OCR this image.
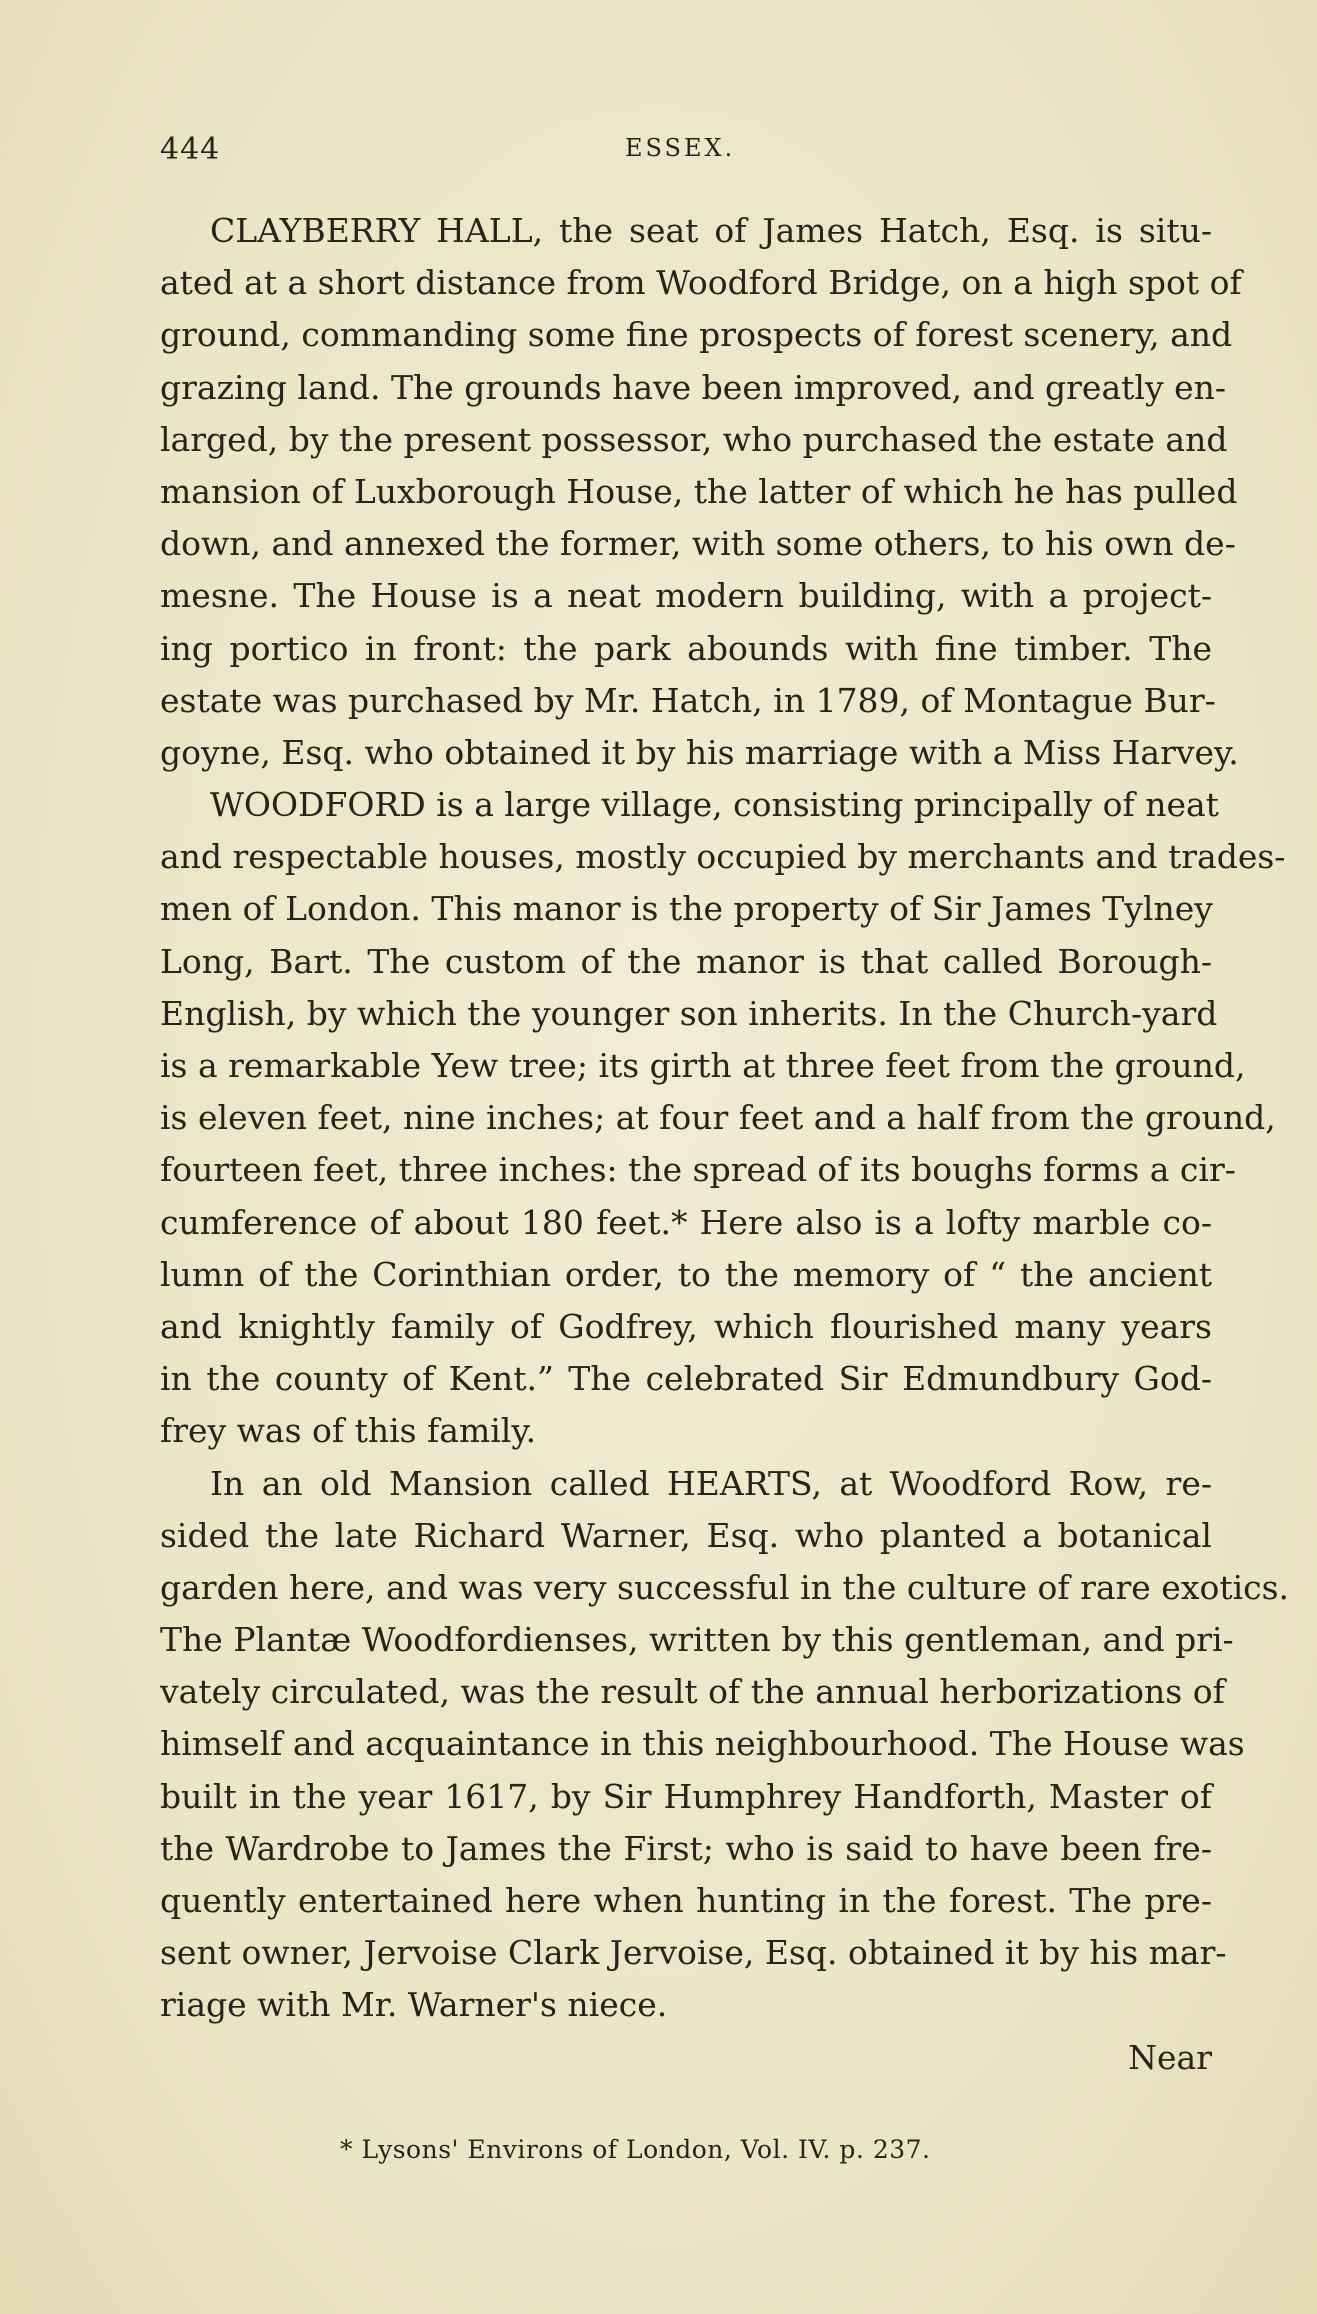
444	ESSEX.
CLAYBERRY HALL, the seat of James Hatch, Esq. is situ-
ated at a short distance from Woodford Bridge, on a high spot of
ground, commanding some fine prospects of forest scenery, and
grazing land. The grounds have been improved, and greatly en-
larged, by the present possessor, who purchased the estate and
mansion of Luxborough House, the latter of which he has pulled
down, and annexed the former, with some others, to his own de-
mesne. The House is a neat modern building, with a project-
ing portico in front: the park abounds with fine timber. The
estate was purchased by Mr. Hatch, in 1789, of Montague Bur-
goyne, Esq. who obtained it by his marriage with a Miss Harvey.
WOODFORD is a large village, consisting principally of neat
and respectable houses, mostly occupied by merchants and trades-
men of London. This manor is the property of Sir James Tylney
Long, Bart. The custom of the manor is that called Borough-
English, by which the younger son inherits. In the Church-yard
is a remarkable Yew tree; its girth at three feet from the ground,
is eleven feet, nine inches; at four feet and a half from the ground,
fourteen feet, three inches: the spread of its boughs forms a cir-
cumference of about 180 feet.* Here also is a lofty marble co-
lumn of the Corinthian order, to the memory of “ the ancient
and knightly family of Godfrey, which flourished many years
in the county of Kent.” The celebrated Sir Edmundbury God-
frey was of this family.
In an old Mansion called HEARTS, at Woodford Row, re-
sided the late Richard Warner, Esq. who planted a botanical
garden here, and was very successful in the culture of rare exotics.
The Plantæ Woodfordienses, written by this gentleman, and pri-
vately circulated, was the result of the annual herborizations of
himself and acquaintance in this neighbourhood. The House was
built in the year 1617, by Sir Humphrey Handforth, Master of
the Wardrobe to James the First; who is said to have been fre-
quently entertained here when hunting in the forest. The pre-
sent owner, Jervoise Clark Jervoise, Esq. obtained it by his mar-
riage with Mr. Warner's niece.
Near
* Lysons' Environs of London, Vol. IV. p. 237.
